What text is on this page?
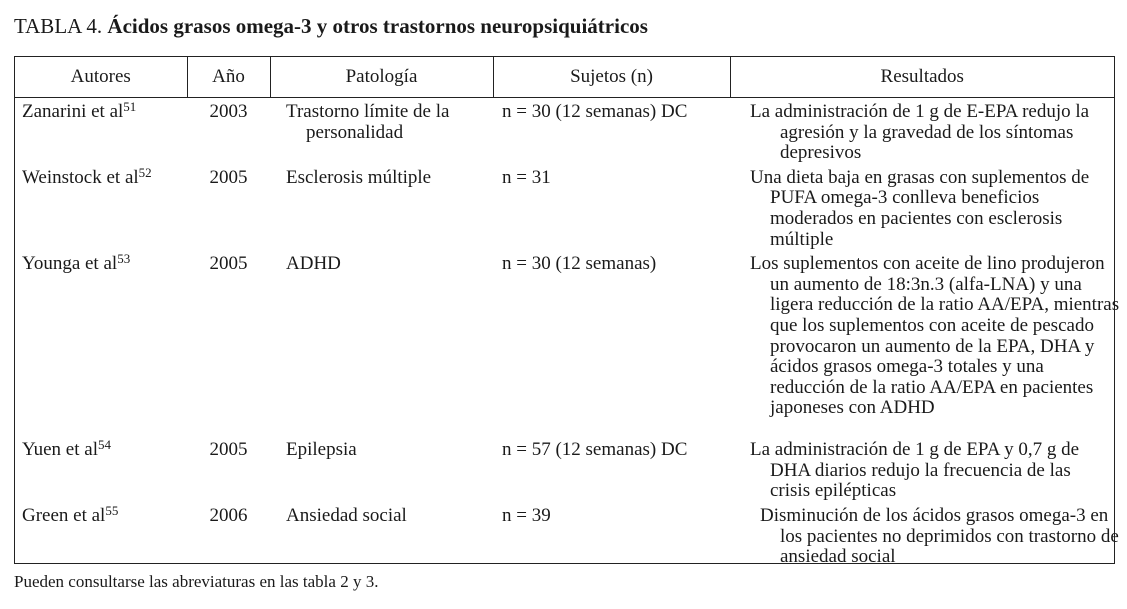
TABLA 4. Ácidos grasos omega-3 y otros trastornos neuropsiquiátricos
Autores	Año	Patología	Sujetos (n)	Resultados
Zanarini et $al^{51}$	2003	Trastorno límite de la personalidad	n = 30 (12 semanas) DC	La administración de 1 g de E-EPA redujo la agresión y la gravedad de los síntomas depresivos

Weinstock et $al^{52}$	2005	Esclerosis múltiple	n = 31	Una dieta baja en grasas con suplementos de PUFA omega-3 conlleva beneficios moderados en pacientes con esclerosis múltiple

Younga et $al^{53}$	2005	ADHD	n = 30 (12 semanas)	Los suplementos con aceite de lino produjeron un aumento de 18:3n.3 (alfa-LNA) y una ligera reducción de la ratio AA/EPA, mientras que los suplementos con aceite de pescado provocaron un aumento de la EPA, DHA y ácidos grasos omega-3 totales y una reducción de la ratio AA/EPA en pacientes japoneses con ADHD

Yuen et $al^{54}$	2005	Epilepsia	n = 57 (12 semanas) DC	La administración de 1 g de EPA y 0,7 g de DHA diarios redujo la frecuencia de las crisis epilépticas

Green et $al^{55}$	2006	Ansiedad social	n = 39	Disminución de los ácidos grasos omega-3 en los pacientes no deprimidos con trastorno de ansiedad social
Pueden consultarse las abreviaturas en las tabla 2 y 3.
